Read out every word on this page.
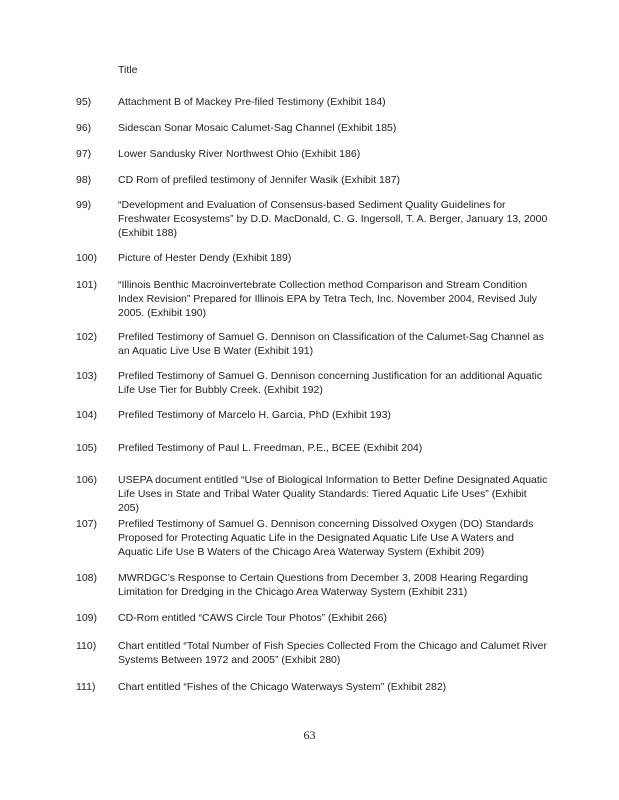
Title
95)	Attachment B of Mackey Pre-filed Testimony (Exhibit 184)
96)	Sidescan Sonar Mosaic Calumet-Sag Channel (Exhibit 185)
97)	Lower Sandusky River Northwest Ohio (Exhibit 186)
98)	CD Rom of prefiled testimony of Jennifer Wasik (Exhibit 187)
99)	“Development and Evaluation of Consensus-based Sediment Quality Guidelines for Freshwater Ecosystems” by D.D. MacDonald, C. G. Ingersoll, T. A. Berger, January 13, 2000 (Exhibit 188)
100)	Picture of Hester Dendy (Exhibit 189)
101)	“Illinois Benthic Macroinvertebrate Collection method Comparison and Stream Condition Index Revision” Prepared for Illinois EPA by Tetra Tech, Inc. November 2004, Revised July 2005. (Exhibit 190)
102)	Prefiled Testimony of Samuel G. Dennison on Classification of the Calumet-Sag Channel as an Aquatic Live Use B Water (Exhibit 191)
103)	Prefiled Testimony of Samuel G. Dennison concerning Justification for an additional Aquatic Life Use Tier for Bubbly Creek. (Exhibit 192)
104)	Prefiled Testimony of Marcelo H. Garcia, PhD (Exhibit 193)
105)	Prefiled Testimony of Paul L. Freedman, P.E., BCEE (Exhibit 204)
106)	USEPA document entitled “Use of Biological Information to Better Define Designated Aquatic Life Uses in State and Tribal Water Quality Standards: Tiered Aquatic Life Uses” (Exhibit 205)
107)	Prefiled Testimony of Samuel G. Dennison concerning Dissolved Oxygen (DO) Standards Proposed for Protecting Aquatic Life in the Designated Aquatic Life Use A Waters and Aquatic Life Use B Waters of the Chicago Area Waterway System (Exhibit 209)
108)	MWRDGC’s Response to Certain Questions from December 3, 2008 Hearing Regarding Limitation for Dredging in the Chicago Area Waterway System (Exhibit 231)
109)	CD-Rom entitled “CAWS Circle Tour Photos” (Exhibit 266)
110)	Chart entitled “Total Number of Fish Species Collected From the Chicago and Calumet River Systems Between 1972 and 2005” (Exhibit 280)
111)	Chart entitled “Fishes of the Chicago Waterways System” (Exhibit 282)
63
